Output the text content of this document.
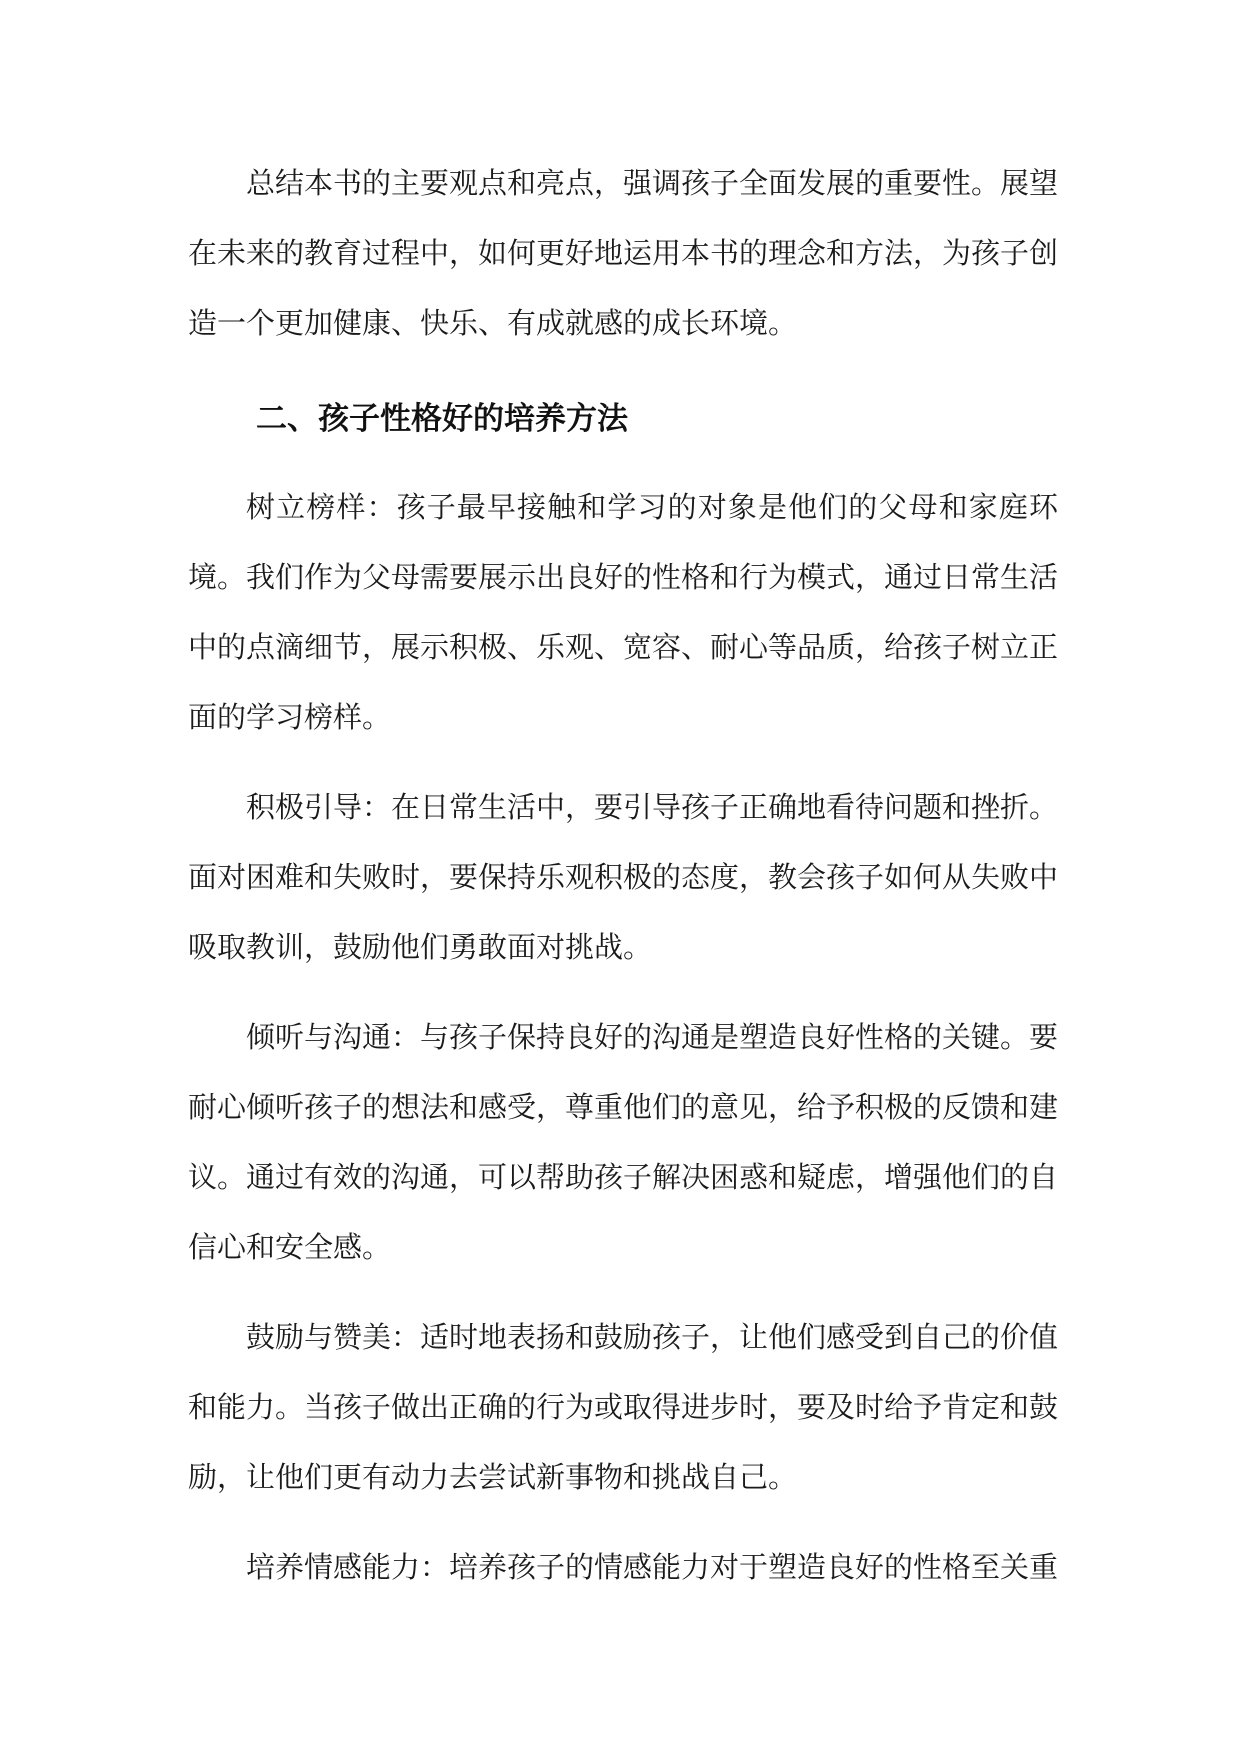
总结本书的主要观点和亮点，强调孩子全面发展的重要性。展望在未来的教育过程中，如何更好地运用本书的理念和方法，为孩子创造一个更加健康、快乐、有成就感的成长环境。

二、孩子性格好的培养方法

树立榜样：孩子最早接触和学习的对象是他们的父母和家庭环境。我们作为父母需要展示出良好的性格和行为模式，通过日常生活中的点滴细节，展示积极、乐观、宽容、耐心等品质，给孩子树立正面的学习榜样。

积极引导：在日常生活中，要引导孩子正确地看待问题和挫折。面对困难和失败时，要保持乐观积极的态度，教会孩子如何从失败中吸取教训，鼓励他们勇敢面对挑战。

倾听与沟通：与孩子保持良好的沟通是塑造良好性格的关键。要耐心倾听孩子的想法和感受，尊重他们的意见，给予积极的反馈和建议。通过有效的沟通，可以帮助孩子解决困惑和疑虑，增强他们的自信心和安全感。

鼓励与赞美：适时地表扬和鼓励孩子，让他们感受到自己的价值和能力。当孩子做出正确的行为或取得进步时，要及时给予肯定和鼓励，让他们更有动力去尝试新事物和挑战自己。

培养情感能力：培养孩子的情感能力对于塑造良好的性格至关重
